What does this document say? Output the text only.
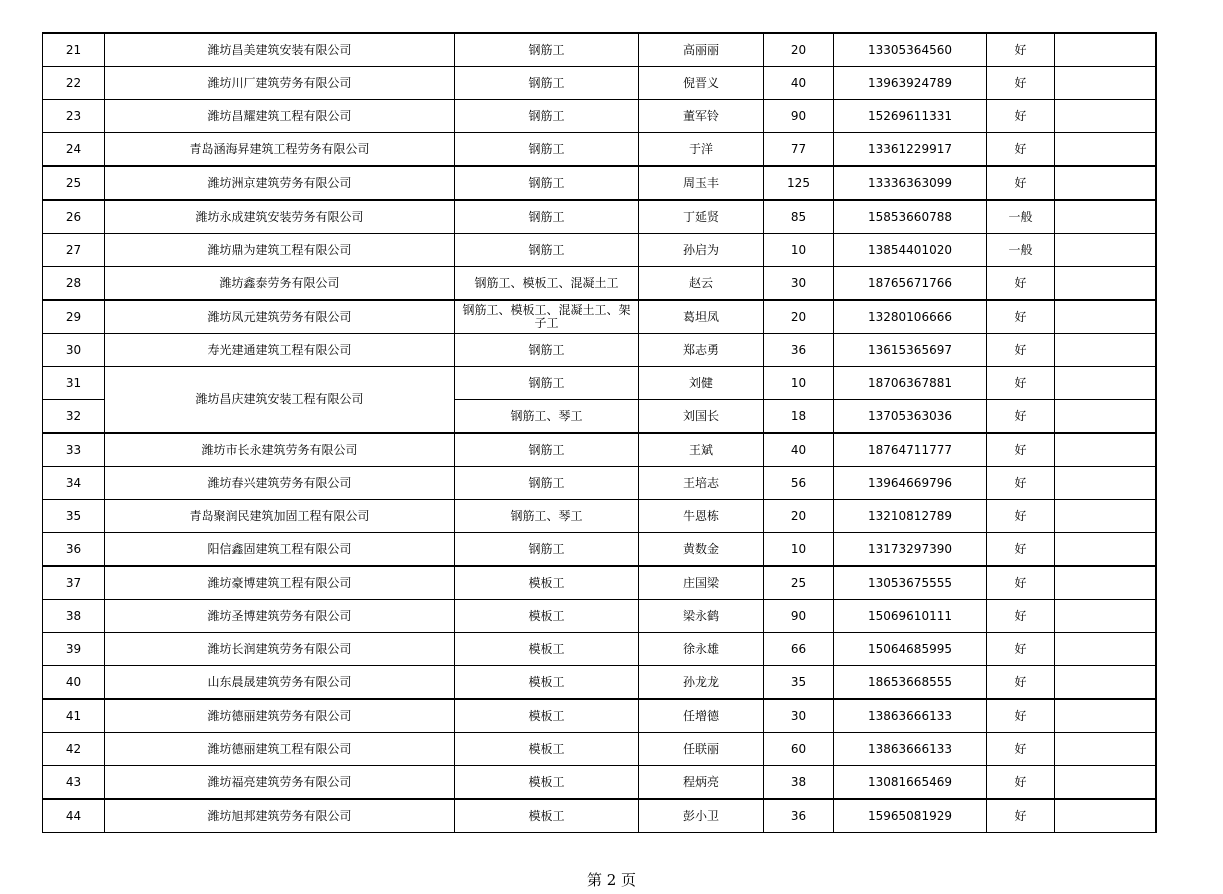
21	潍坊昌美建筑安装有限公司	钢筋工	高丽丽	20	13305364560	好	
22	潍坊川厂建筑劳务有限公司	钢筋工	倪晋义	40	13963924789	好	
23	潍坊昌耀建筑工程有限公司	钢筋工	董军铃	90	15269611331	好	
24	青岛涵海昇建筑工程劳务有限公司	钢筋工	于洋	77	13361229917	好	
25	潍坊洲京建筑劳务有限公司	钢筋工	周玉丰	125	13336363099	好	
26	潍坊永成建筑安装劳务有限公司	钢筋工	丁延贤	85	15853660788	一般	
27	潍坊鼎为建筑工程有限公司	钢筋工	孙启为	10	13854401020	一般	
28	潍坊鑫泰劳务有限公司	钢筋工、模板工、混凝土工	赵云	30	18765671766	好	
29	潍坊凤元建筑劳务有限公司	钢筋工、模板工、混凝土工、架子工	葛坦凤	20	13280106666	好	
30	寿光建通建筑工程有限公司	钢筋工	郑志勇	36	13615365697	好	
31	潍坊昌庆建筑安装工程有限公司	钢筋工	刘健	10	18706367881	好	
32		钢筋工、琴工	刘国长	18	13705363036	好	
33	潍坊市长永建筑劳务有限公司	钢筋工	王斌	40	18764711777	好	
34	潍坊春兴建筑劳务有限公司	钢筋工	王培志	56	13964669796	好	
35	青岛聚润民建筑加固工程有限公司	钢筋工、琴工	牛恩栋	20	13210812789	好	
36	阳信鑫固建筑工程有限公司	钢筋工	黄数金	10	13173297390	好	
37	潍坊豪博建筑工程有限公司	模板工	庄国梁	25	13053675555	好	
38	潍坊圣博建筑劳务有限公司	模板工	梁永鹤	90	15069610111	好	
39	潍坊长润建筑劳务有限公司	模板工	徐永雄	66	15064685995	好	
40	山东晨晟建筑劳务有限公司	模板工	孙龙龙	35	18653668555	好	
41	潍坊德丽建筑劳务有限公司	模板工	任增德	30	13863666133	好	
42	潍坊德丽建筑工程有限公司	模板工	任联丽	60	13863666133	好	
43	潍坊福亮建筑劳务有限公司	模板工	程炳亮	38	13081665469	好	
44	潍坊旭邦建筑劳务有限公司	模板工	彭小卫	36	15965081929	好	
第 2 页
